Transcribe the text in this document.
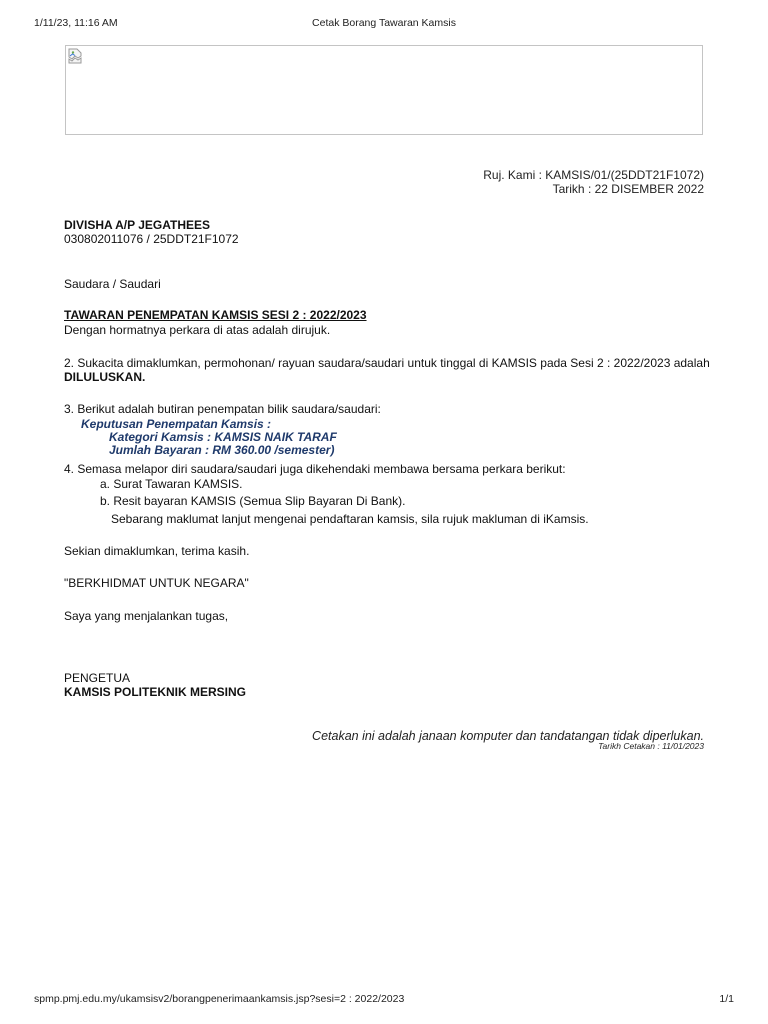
1/11/23, 11:16 AM	Cetak Borang Tawaran Kamsis
Ruj. Kami : KAMSIS/01/(25DDT21F1072)
Tarikh : 22 DISEMBER 2022
DIVISHA A/P JEGATHEES
030802011076 / 25DDT21F1072
Saudara / Saudari
TAWARAN PENEMPATAN KAMSIS SESI 2 : 2022/2023
Dengan hormatnya perkara di atas adalah dirujuk.
2. Sukacita dimaklumkan, permohonan/ rayuan saudara/saudari untuk tinggal di KAMSIS pada Sesi 2 : 2022/2023 adalah
DILULUSKAN.
3. Berikut adalah butiran penempatan bilik saudara/saudari:
Keputusan Penempatan Kamsis :
Kategori Kamsis : KAMSIS NAIK TARAF
Jumlah Bayaran : RM 360.00 /semester)
4. Semasa melapor diri saudara/saudari juga dikehendaki membawa bersama perkara berikut:
a. Surat Tawaran KAMSIS.
b. Resit bayaran KAMSIS (Semua Slip Bayaran Di Bank).
Sebarang maklumat lanjut mengenai pendaftaran kamsis, sila rujuk makluman di iKamsis.
Sekian dimaklumkan, terima kasih.
"BERKHIDMAT UNTUK NEGARA"
Saya yang menjalankan tugas,
PENGETUA
KAMSIS POLITEKNIK MERSING
Cetakan ini adalah janaan komputer dan tandatangan tidak diperlukan.
Tarikh Cetakan : 11/01/2023
spmp.pmj.edu.my/ukamsisv2/borangpenerimaankamsis.jsp?sesi=2 : 2022/2023	1/1
